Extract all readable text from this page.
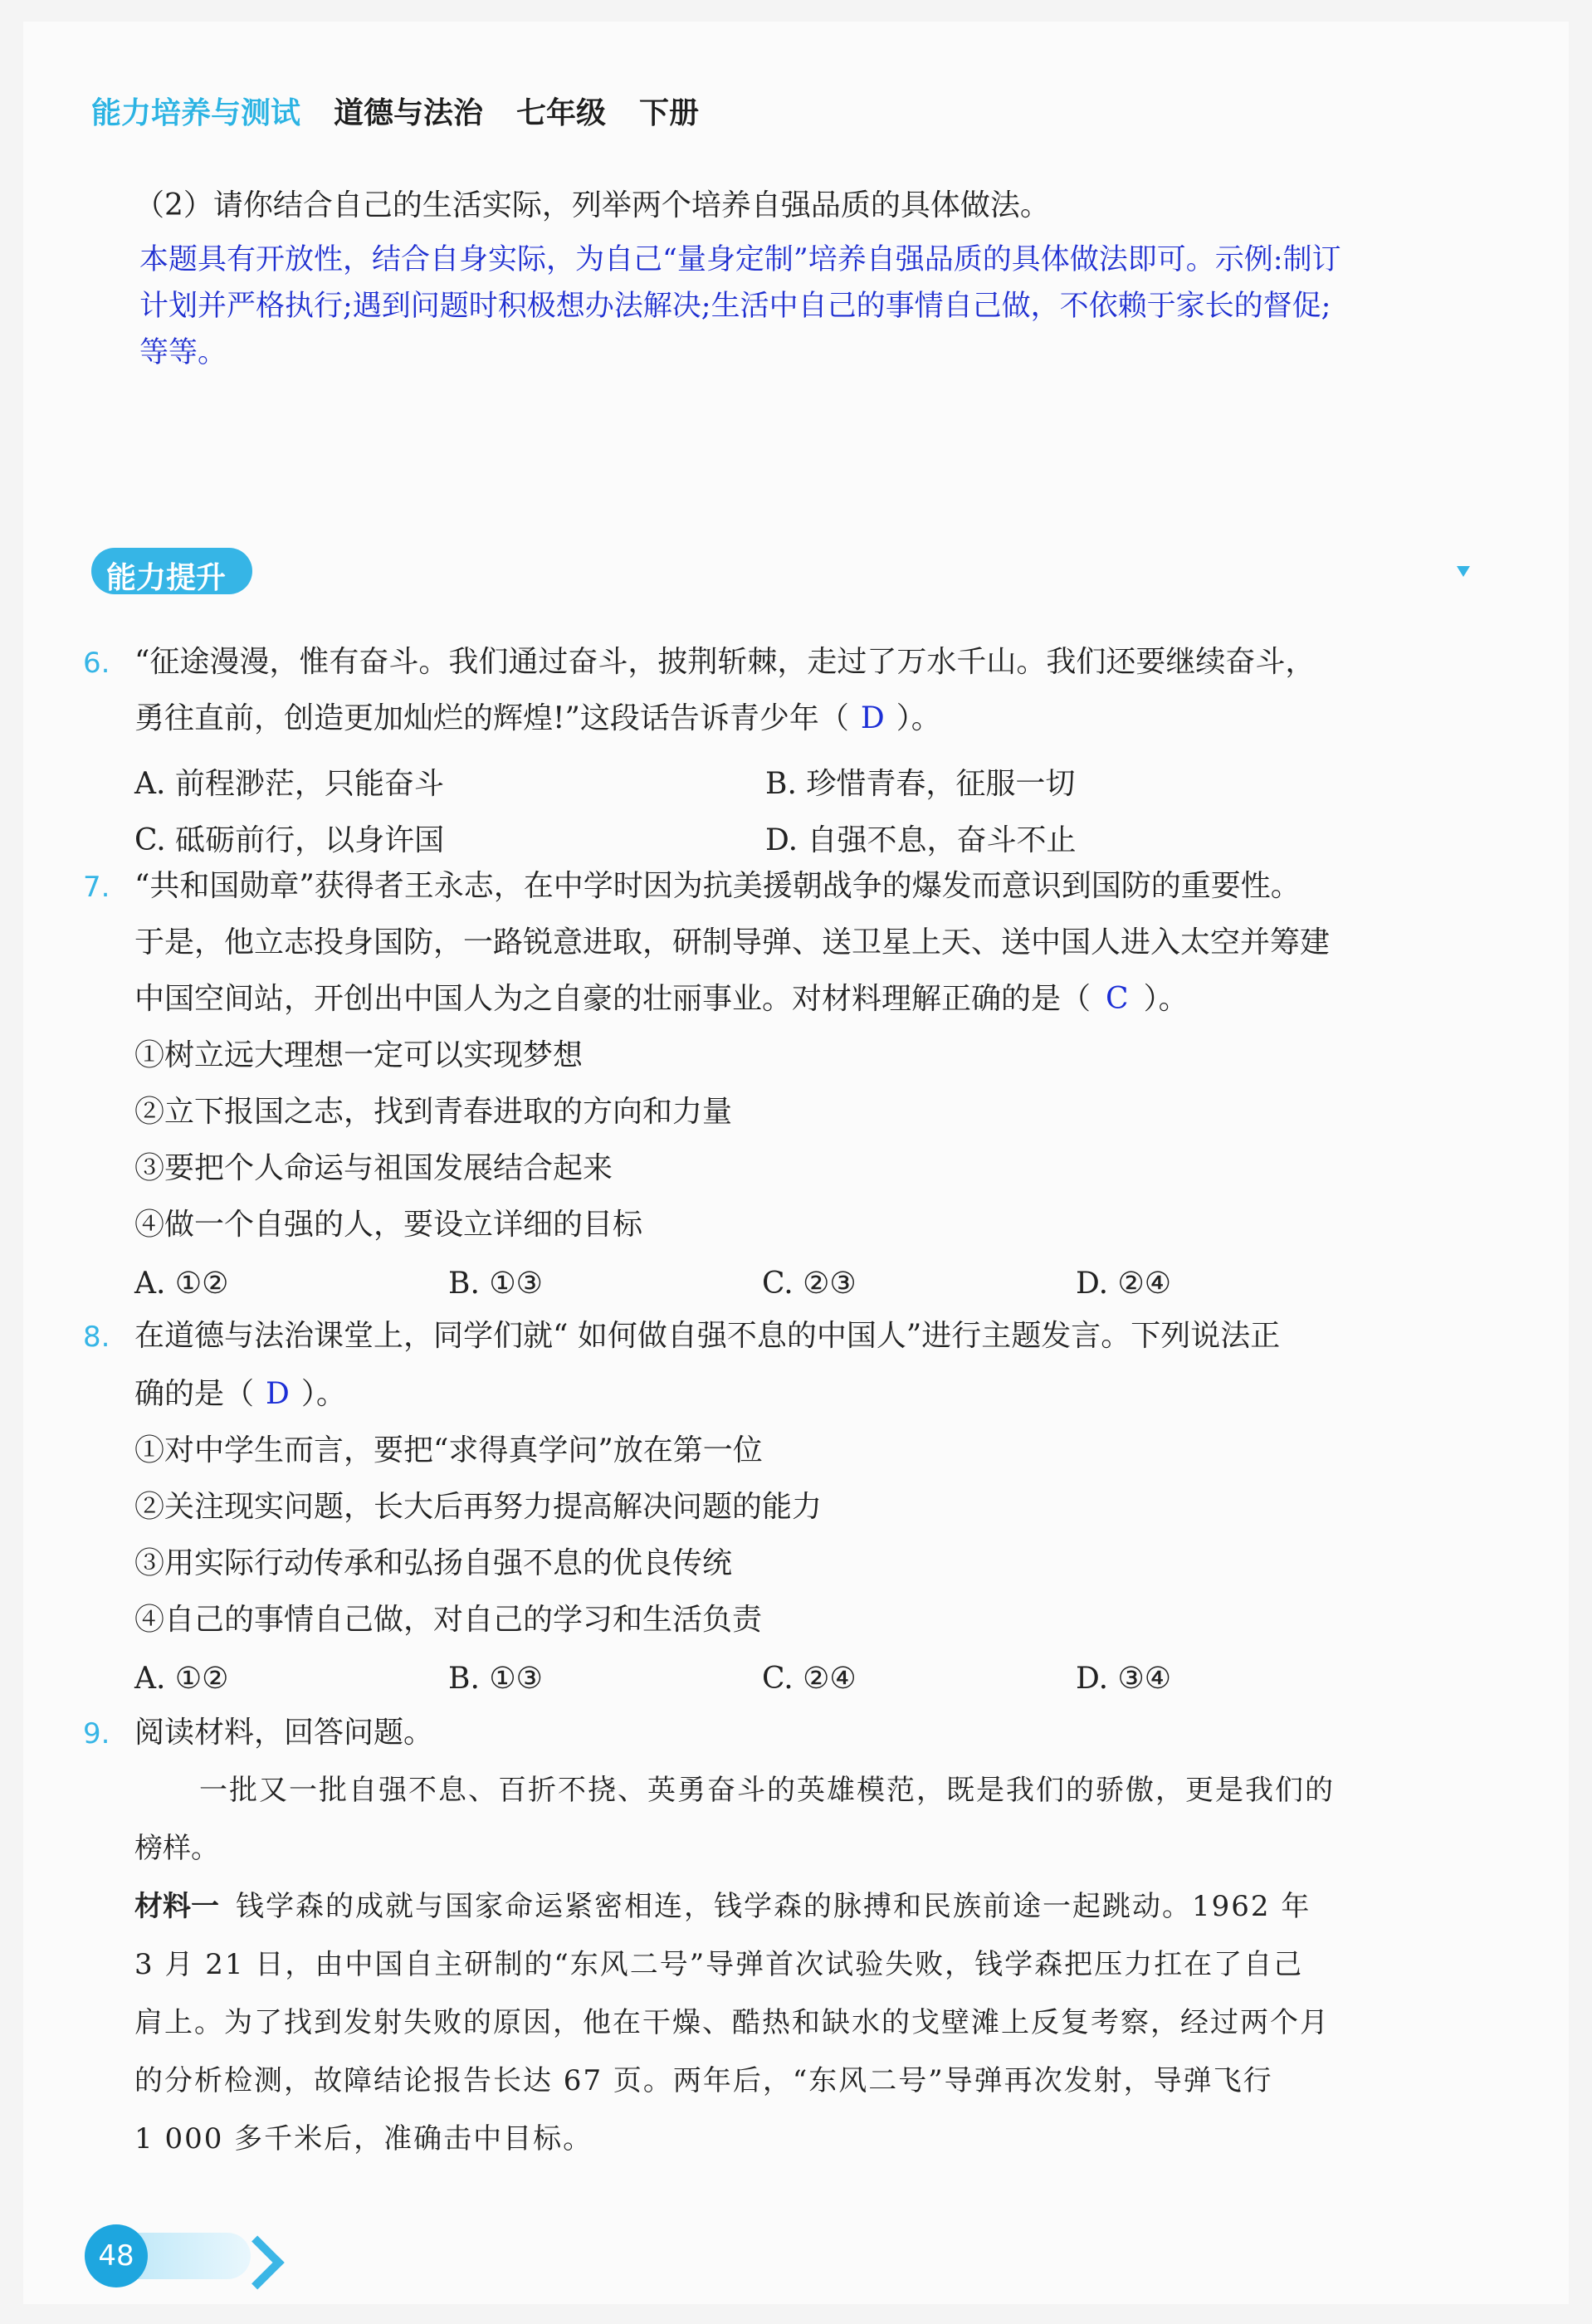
能力培养与测试 道德与法治 七年级 下册
（2）请你结合自己的生活实际，列举两个培养自强品质的具体做法。
本题具有开放性，结合自身实际，为自己“量身定制”培养自强品质的具体做法即可。示例:制订
计划并严格执行;遇到问题时积极想办法解决;生活中自己的事情自己做，不依赖于家长的督促;
等等。
能力提升
6. “征途漫漫，惟有奋斗。我们通过奋斗，披荆斩棘，走过了万水千山。我们还要继续奋斗，
勇往直前，创造更加灿烂的辉煌!”这段话告诉青少年（ D ）。
A. 前程渺茫，只能奋斗	B. 珍惜青春，征服一切
C. 砥砺前行，以身许国	D. 自强不息，奋斗不止
7. “共和国勋章”获得者王永志，在中学时因为抗美援朝战争的爆发而意识到国防的重要性。
于是，他立志投身国防，一路锐意进取，研制导弹、送卫星上天、送中国人进入太空并筹建
中国空间站，开创出中国人为之自豪的壮丽事业。对材料理解正确的是（ C ）。
①树立远大理想一定可以实现梦想
②立下报国之志，找到青春进取的方向和力量
③要把个人命运与祖国发展结合起来
④做一个自强的人，要设立详细的目标
A. ①②	B. ①③	C. ②③	D. ②④
8. 在道德与法治课堂上，同学们就“ 如何做自强不息的中国人”进行主题发言。下列说法正
确的是（ D ）。
①对中学生而言，要把“求得真学问”放在第一位
②关注现实问题，长大后再努力提高解决问题的能力
③用实际行动传承和弘扬自强不息的优良传统
④自己的事情自己做，对自己的学习和生活负责
A. ①②	B. ①③	C. ②④	D. ③④
9. 阅读材料，回答问题。
一批又一批自强不息、百折不挠、英勇奋斗的英雄模范，既是我们的骄傲，更是我们的
榜样。
材料一 钱学森的成就与国家命运紧密相连，钱学森的脉搏和民族前途一起跳动。1962 年
3 月 21 日，由中国自主研制的“东风二号”导弹首次试验失败，钱学森把压力扛在了自己
肩上。为了找到发射失败的原因，他在干燥、酷热和缺水的戈壁滩上反复考察，经过两个月
的分析检测，故障结论报告长达 67 页。两年后，“东风二号”导弹再次发射，导弹飞行
1 000 多千米后，准确击中目标。
48
